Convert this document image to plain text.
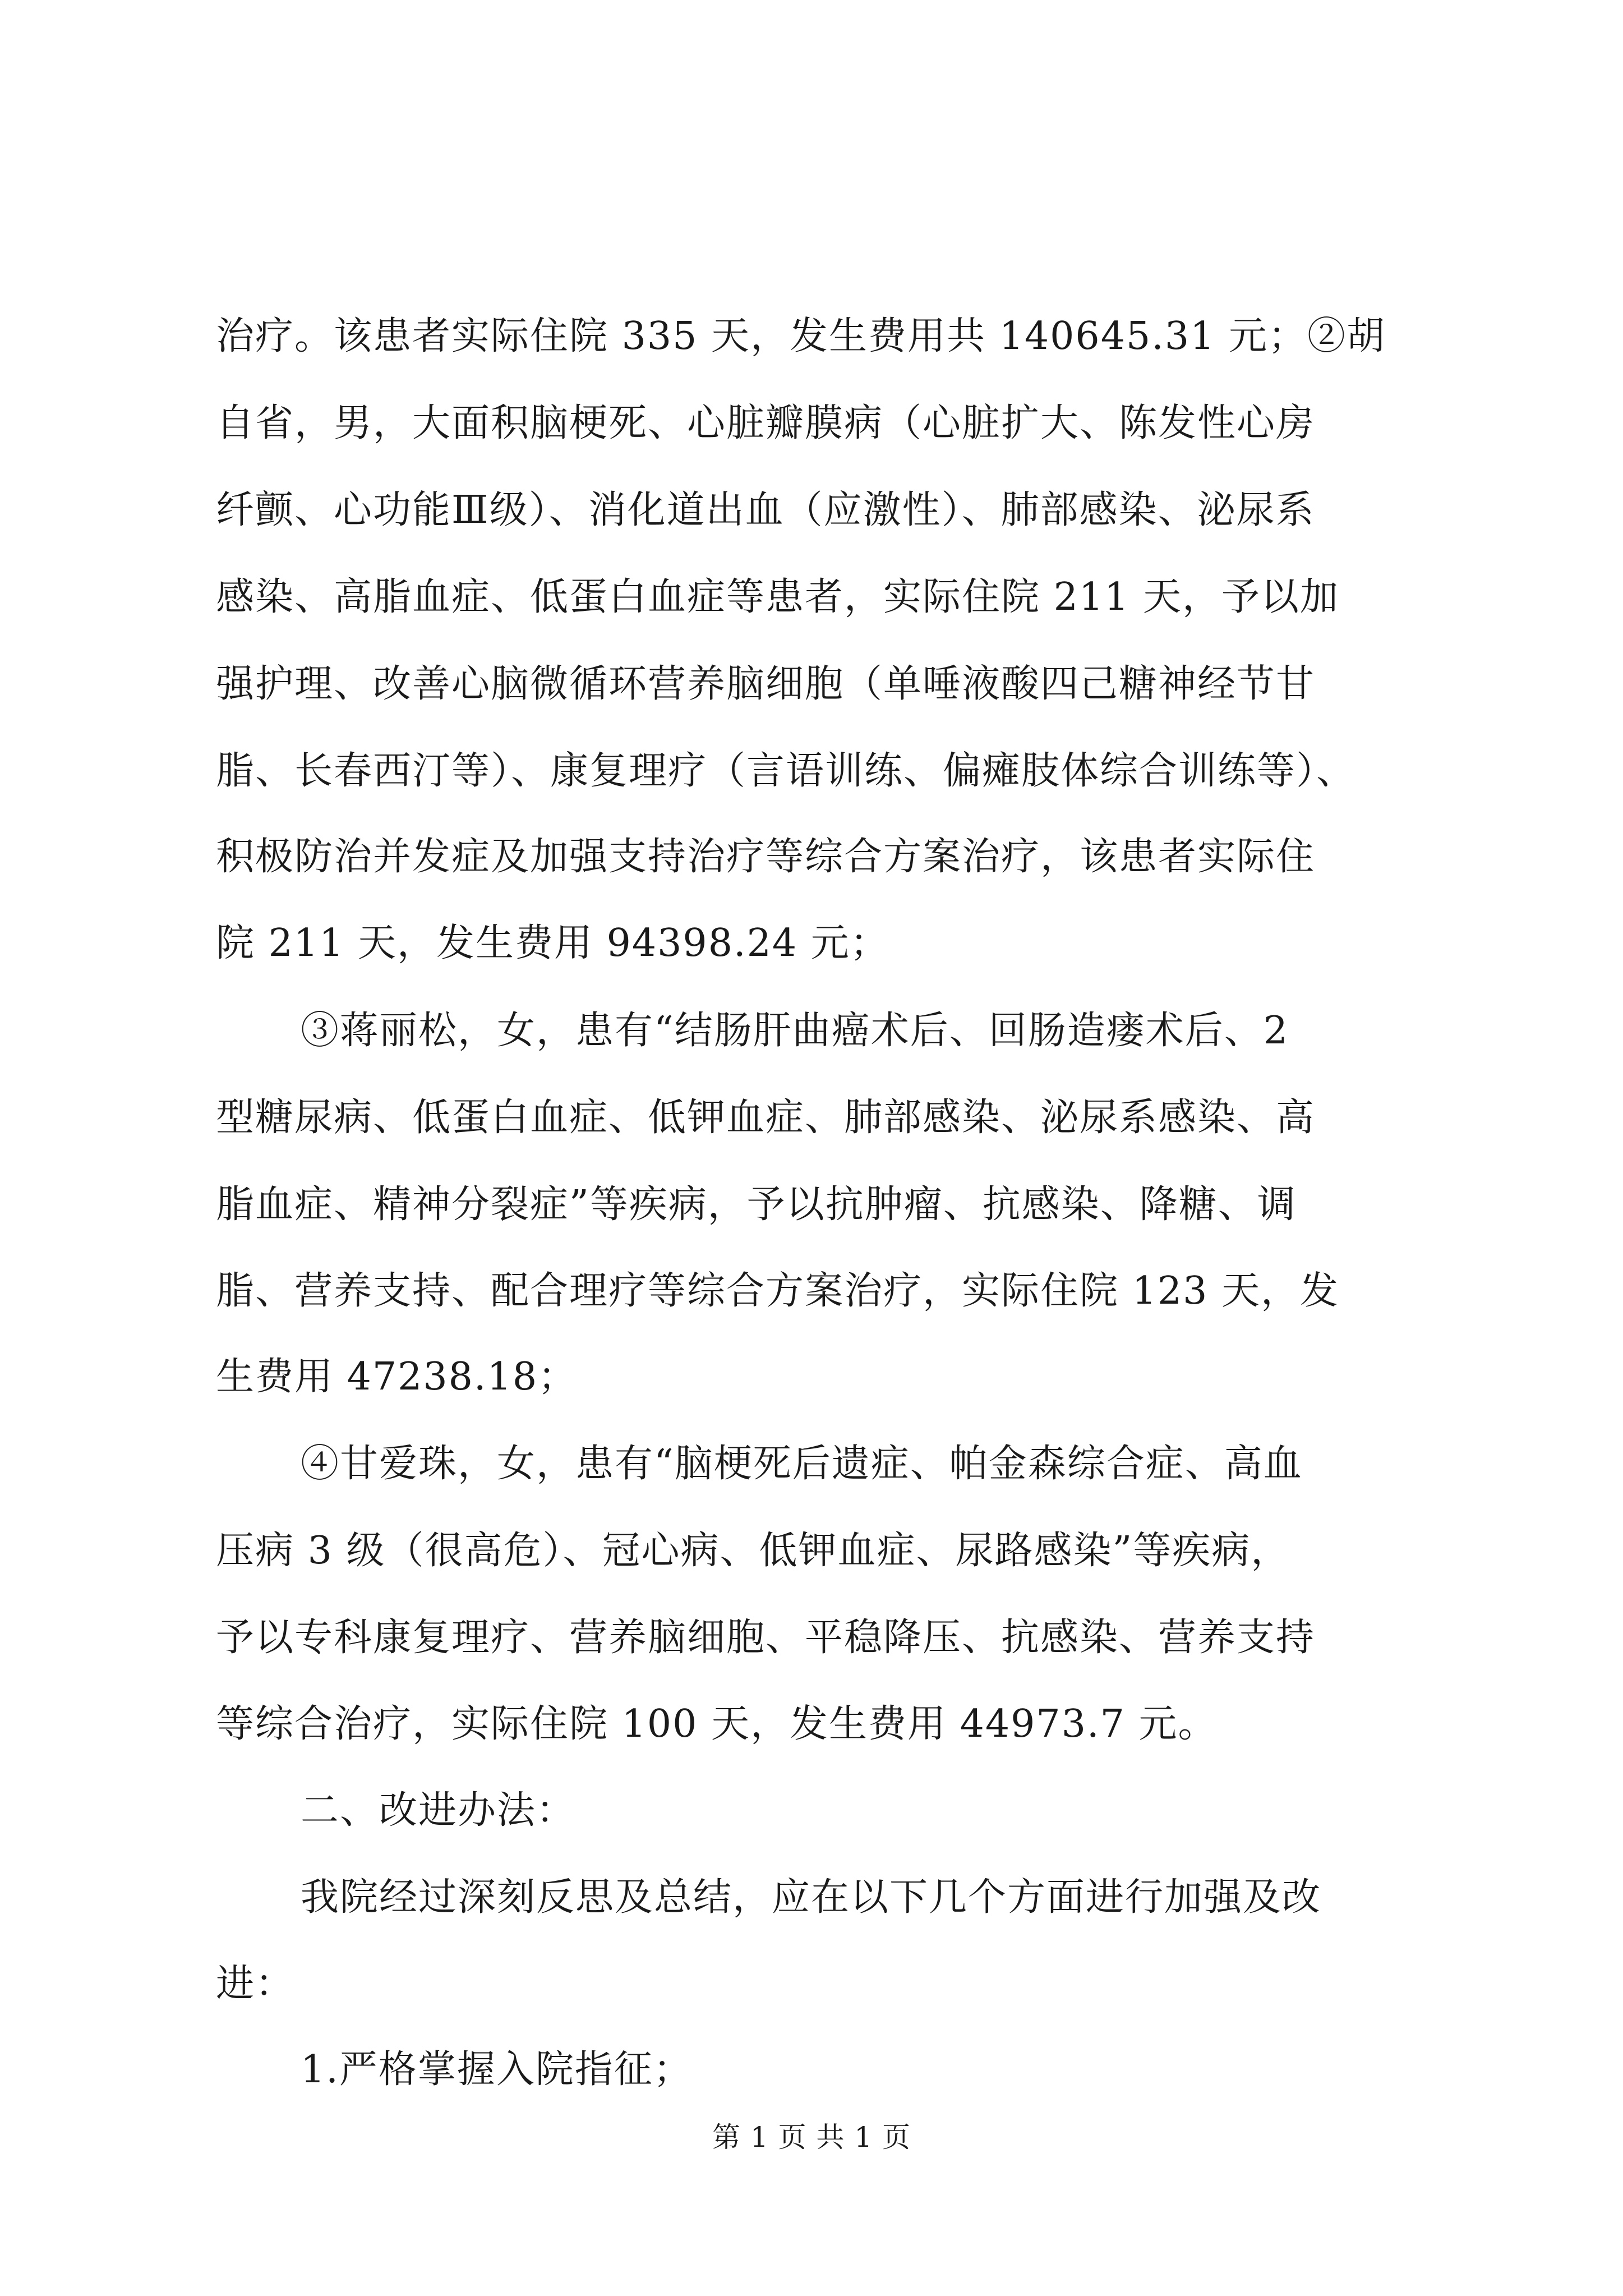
治疗。该患者实际住院 335 天，发生费用共 140645.31 元；②胡
自省，男，大面积脑梗死、心脏瓣膜病（心脏扩大、陈发性心房
纤颤、心功能Ⅲ级）、消化道出血（应激性）、肺部感染、泌尿系
感染、高脂血症、低蛋白血症等患者，实际住院 211 天，予以加
强护理、改善心脑微循环营养脑细胞（单唾液酸四己糖神经节甘
脂、长春西汀等）、康复理疗（言语训练、偏瘫肢体综合训练等）、
积极防治并发症及加强支持治疗等综合方案治疗，该患者实际住
院 211 天，发生费用 94398.24 元；
③蒋丽松，女，患有“结肠肝曲癌术后、回肠造瘘术后、2
型糖尿病、低蛋白血症、低钾血症、肺部感染、泌尿系感染、高
脂血症、精神分裂症”等疾病，予以抗肿瘤、抗感染、降糖、调
脂、营养支持、配合理疗等综合方案治疗，实际住院 123 天，发
生费用 47238.18；
④甘爱珠，女，患有“脑梗死后遗症、帕金森综合症、高血
压病 3 级（很高危）、冠心病、低钾血症、尿路感染”等疾病，
予以专科康复理疗、营养脑细胞、平稳降压、抗感染、营养支持
等综合治疗，实际住院 100 天，发生费用 44973.7 元。
二、改进办法：
我院经过深刻反思及总结，应在以下几个方面进行加强及改
进：
1.严格掌握入院指征；
第 1 页 共 1 页
